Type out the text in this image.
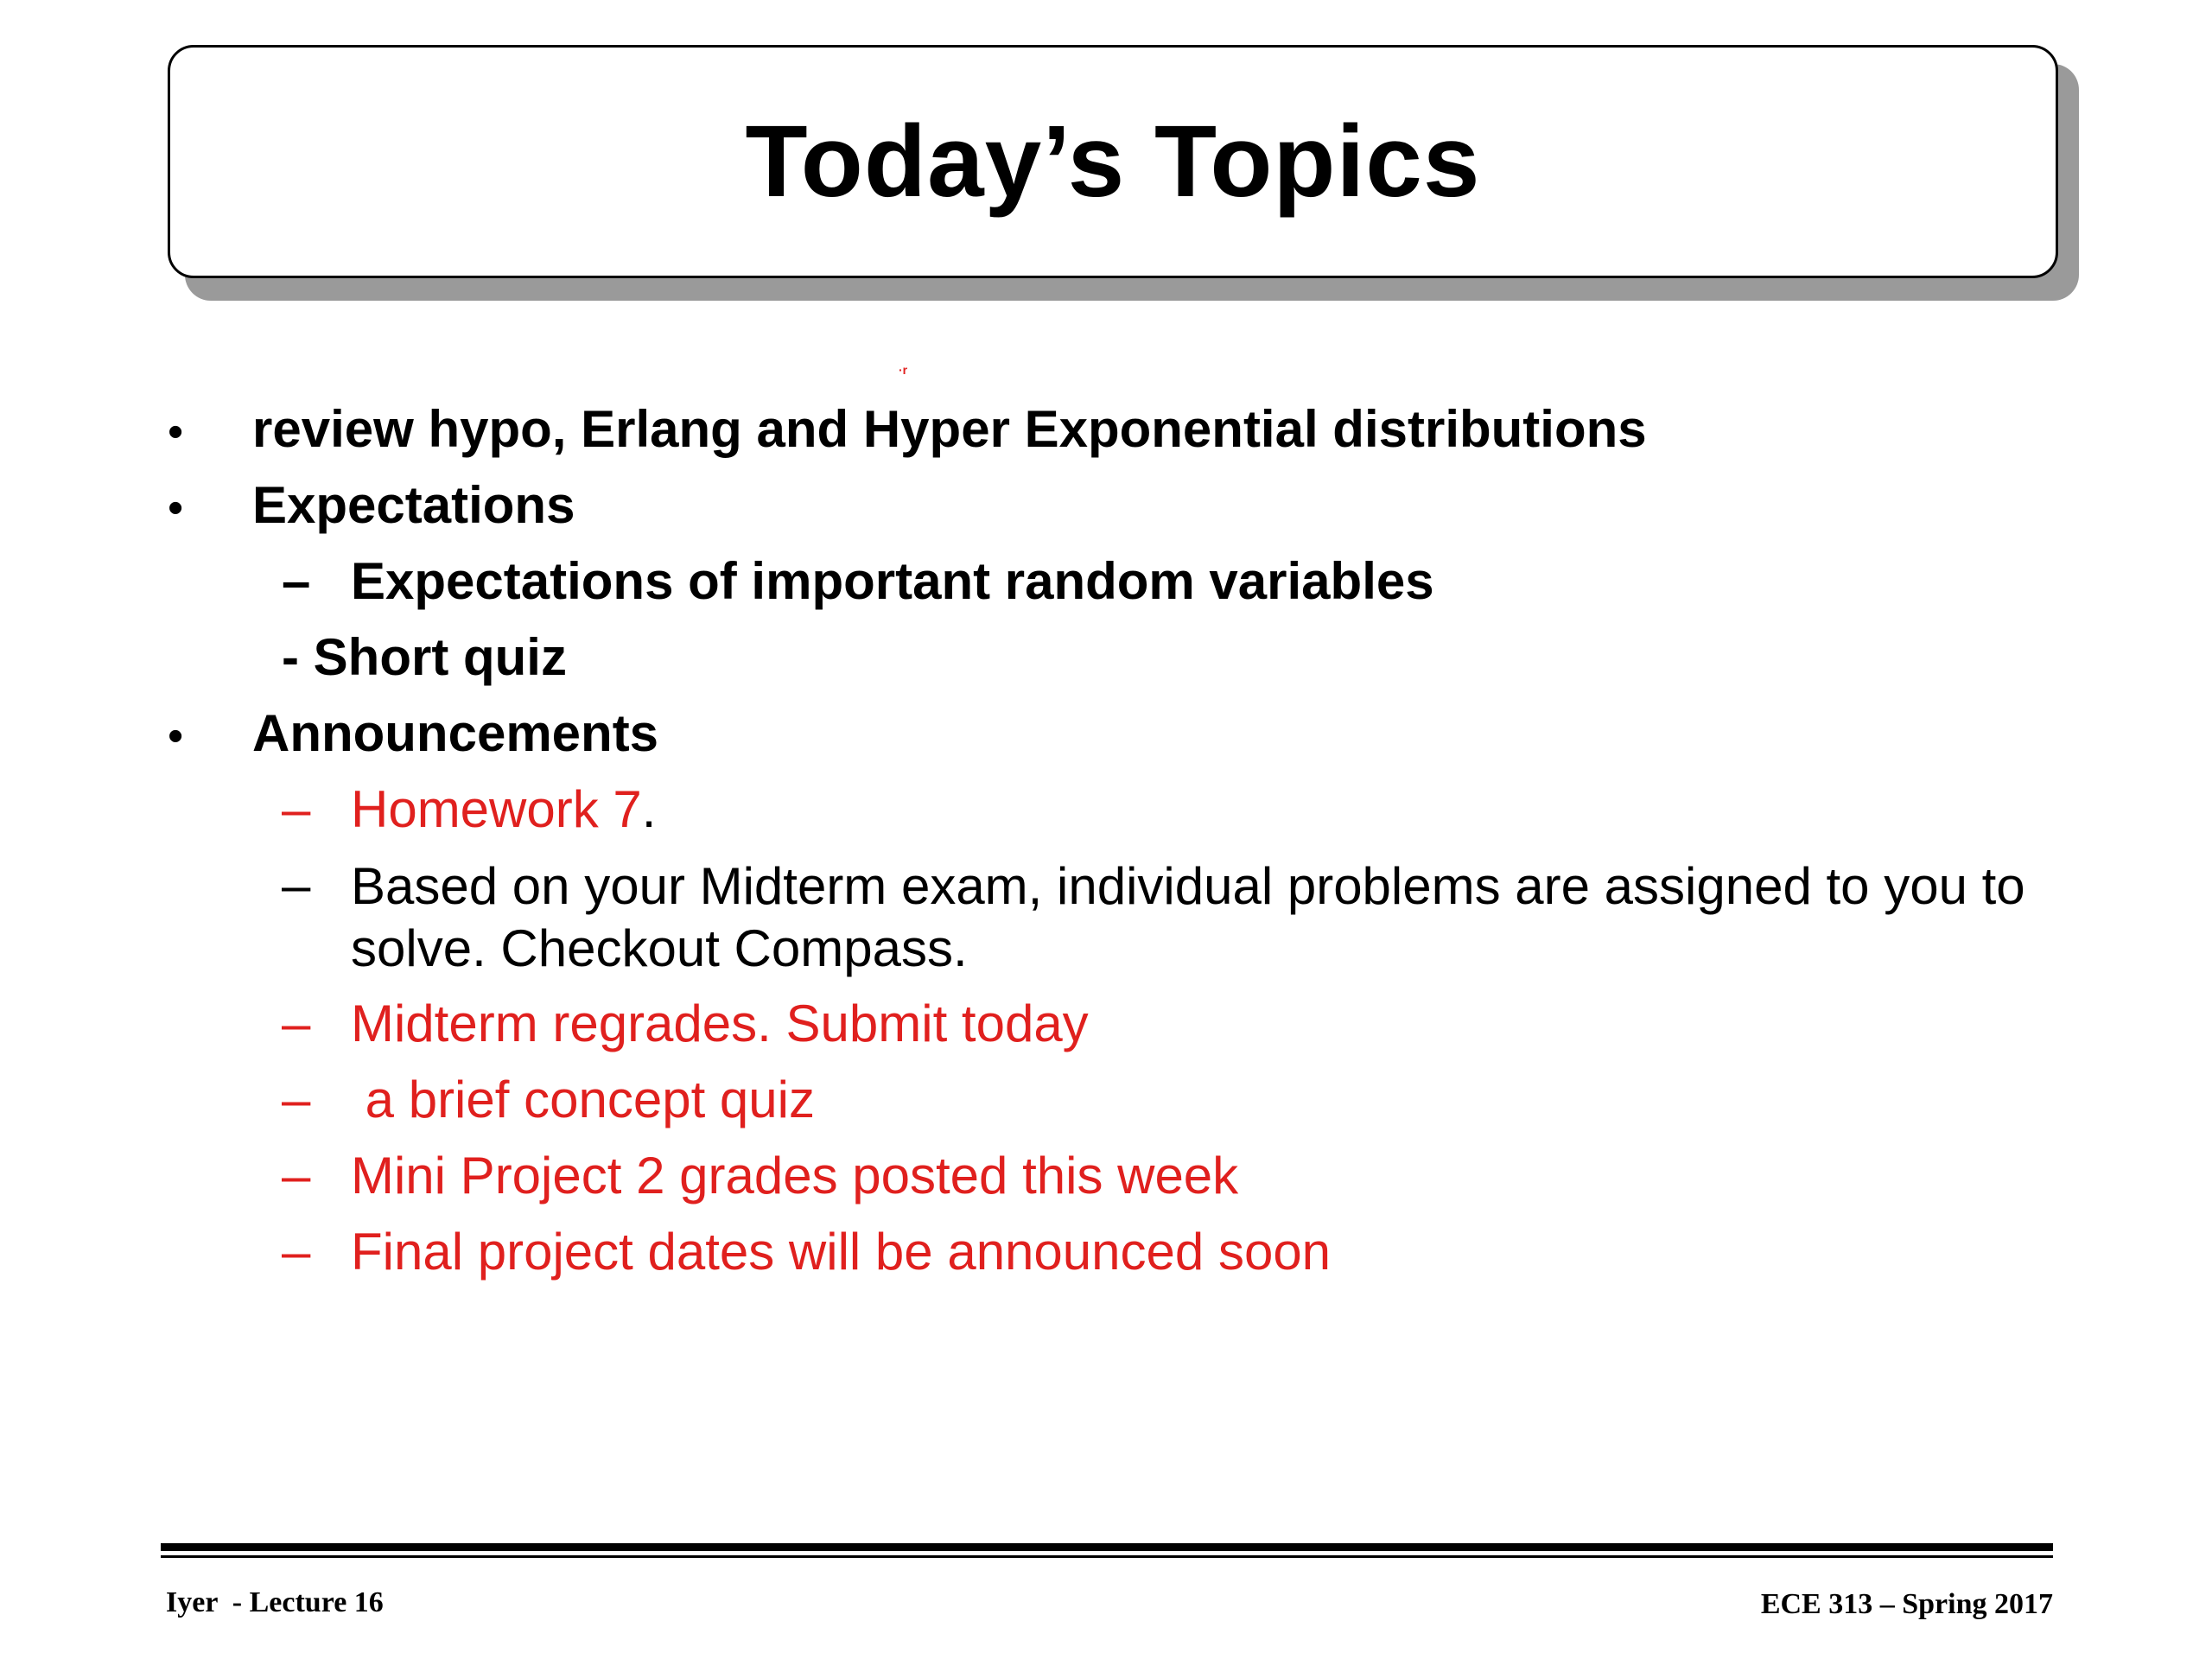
Today’s Topics
·r
• review hypo, Erlang and Hyper Exponential distributions
• Expectations
– Expectations of important random variables
- Short quiz
• Announcements
– Homework 7.
– Based on your Midterm exam, individual problems are assigned to you to solve. Checkout Compass.
– Midterm regrades. Submit today
– a brief concept quiz
– Mini Project 2 grades posted this week
– Final project dates will be announced soon
Iyer  - Lecture 16	ECE 313 – Spring 2017
